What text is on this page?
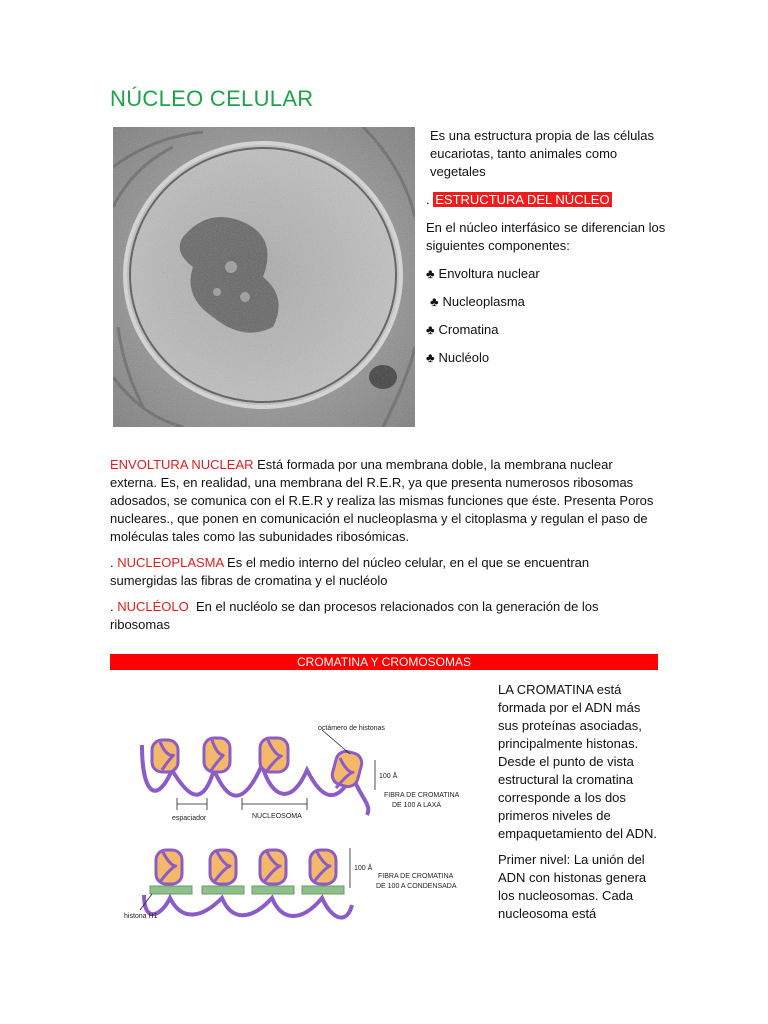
NÚCLEO CELULAR

Es una estructura propia de las células eucariotas, tanto animales como vegetales

. ESTRUCTURA DEL NÚCLEO

En el núcleo interfásico se diferencian los siguientes componentes:

♣ Envoltura nuclear
♣ Nucleoplasma
♣ Cromatina
♣ Nucléolo

ENVOLTURA NUCLEAR Está formada por una membrana doble, la membrana nuclear externa. Es, en realidad, una membrana del R.E.R, ya que presenta numerosos ribosomas adosados, se comunica con el R.E.R y realiza las mismas funciones que éste. Presenta Poros nucleares., que ponen en comunicación el nucleoplasma y el citoplasma y regulan el paso de moléculas tales como las subunidades ribosómicas.

. NUCLEOPLASMA Es el medio interno del núcleo celular, en el que se encuentran sumergidas las fibras de cromatina y el nucléolo

. NUCLÉOLO  En el nucléolo se dan procesos relacionados con la generación de los ribosomas

CROMATINA Y CROMOSOMAS
octámero de histonas
100 Å
FIBRA DE CROMATINA
DE 100 A LAXA
espaciador	NUCLEOSOMA
100 Å
FIBRA DE CROMATINA
DE 100 A CONDENSADA
histona H1

LA CROMATINA está formada por el ADN más sus proteínas asociadas, principalmente histonas. Desde el punto de vista estructural la cromatina corresponde a los dos primeros niveles de empaquetamiento del ADN.

Primer nivel: La unión del ADN con histonas genera los nucleosomas. Cada nucleosoma está
